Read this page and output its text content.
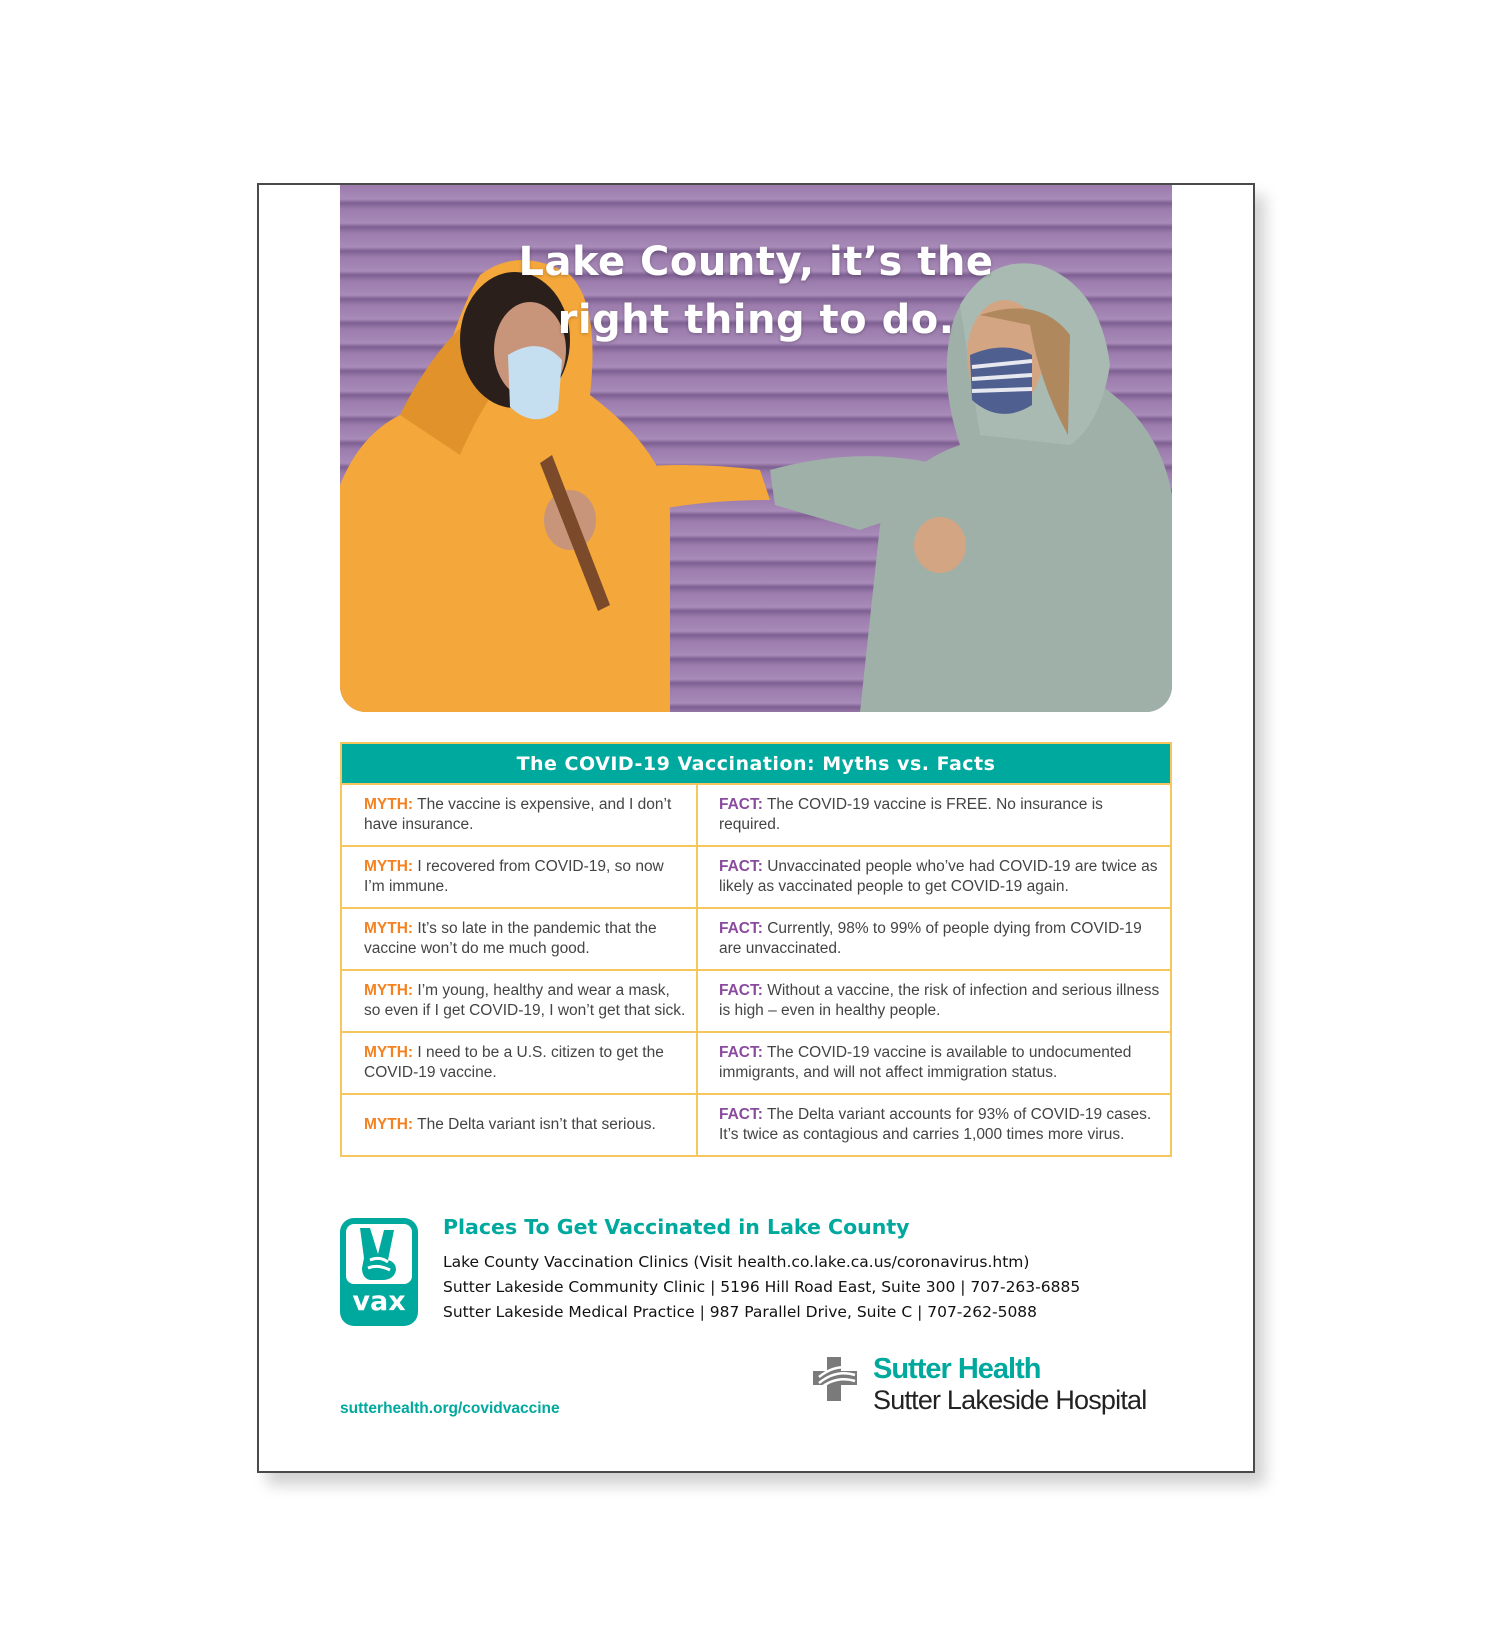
Lake County, it’s the
right thing to do.
The COVID-19 Vaccination: Myths vs. Facts	
MYTH: The vaccine is expensive, and I don’t have insurance.	FACT: The COVID-19 vaccine is FREE. No insurance is required.
MYTH: I recovered from COVID-19, so now I’m immune.	FACT: Unvaccinated people who’ve had COVID-19 are twice as likely as vaccinated people to get COVID-19 again.
MYTH: It’s so late in the pandemic that the vaccine won’t do me much good.	FACT: Currently, 98% to 99% of people dying from COVID-19 are unvaccinated.
MYTH: I’m young, healthy and wear a mask, so even if I get COVID-19, I won’t get that sick.	FACT: Without a vaccine, the risk of infection and serious illness is high – even in healthy people.
MYTH: I need to be a U.S. citizen to get the COVID-19 vaccine.	FACT: The COVID-19 vaccine is available to undocumented immigrants, and will not affect immigration status.
MYTH: The Delta variant isn’t that serious.	FACT: The Delta variant accounts for 93% of COVID-19 cases. It’s twice as contagious and carries 1,000 times more virus.
vax
Places To Get Vaccinated in Lake County
Lake County Vaccination Clinics (Visit health.co.lake.ca.us/coronavirus.htm)
Sutter Lakeside Community Clinic | 5196 Hill Road East, Suite 300 | 707-263-6885
Sutter Lakeside Medical Practice | 987 Parallel Drive, Suite C | 707-262-5088
sutterhealth.org/covidvaccine
Sutter Health
Sutter Lakeside Hospital
